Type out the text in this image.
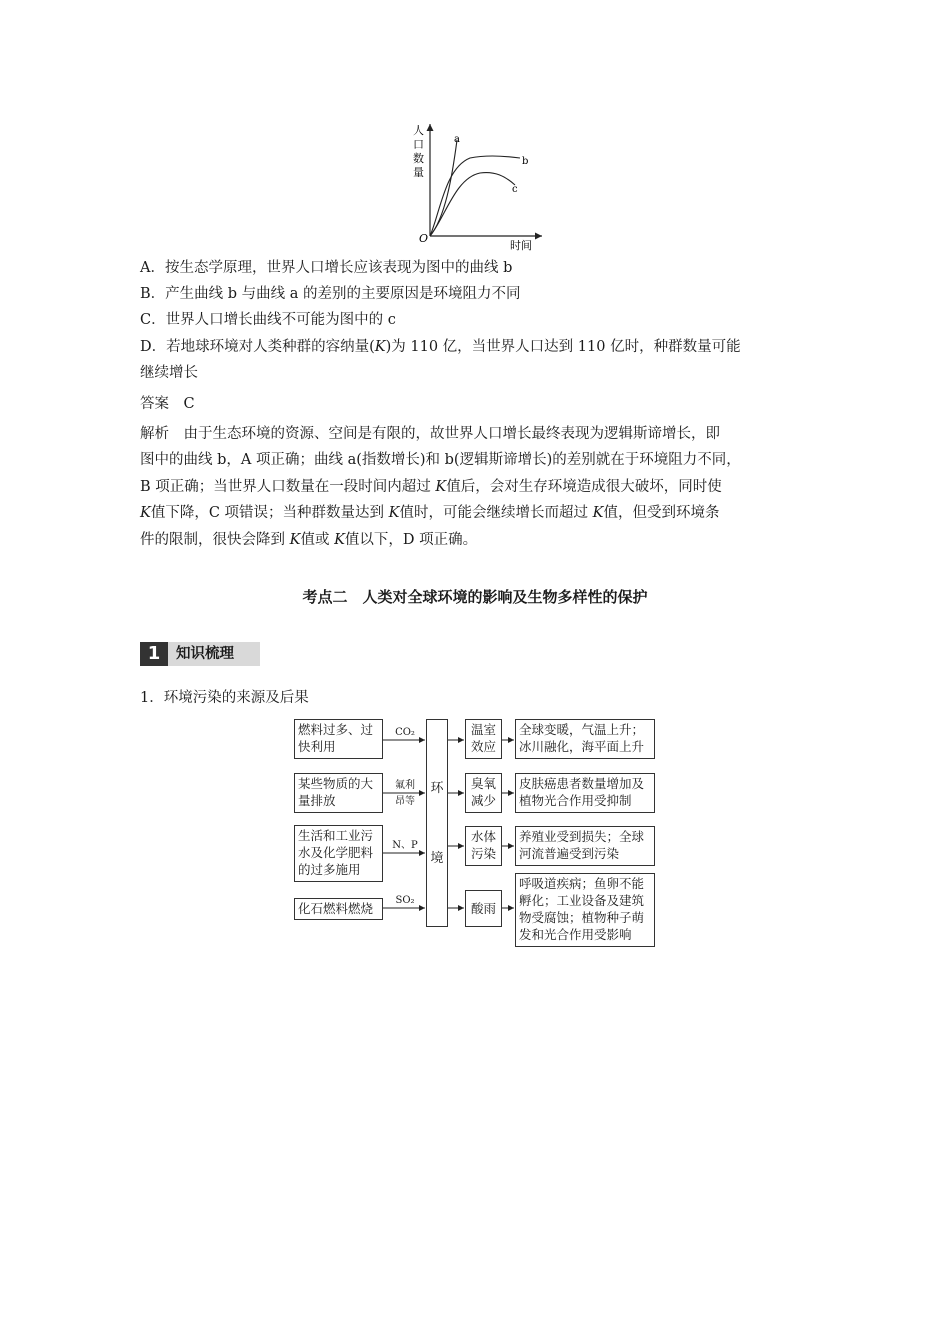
人
口
数
量
a
b
c
O
时间
A．按生态学原理，世界人口增长应该表现为图中的曲线 b
B．产生曲线 b 与曲线 a 的差别的主要原因是环境阻力不同
C．世界人口增长曲线不可能为图中的 c
D．若地球环境对人类种群的容纳量(K)为 110 亿，当世界人口达到 110 亿时，种群数量可能
继续增长
答案　C
解析　由于生态环境的资源、空间是有限的，故世界人口增长最终表现为逻辑斯谛增长，即
图中的曲线 b，A 项正确；曲线 a(指数增长)和 b(逻辑斯谛增长)的差别就在于环境阻力不同，
B 项正确；当世界人口数量在一段时间内超过 K值后，会对生存环境造成很大破坏，同时使
K值下降，C 项错误；当种群数量达到 K值时，可能会继续增长而超过 K值，但受到环境条
件的限制，很快会降到 K值或 K值以下，D 项正确。
考点二　人类对全球环境的影响及生物多样性的保护
1	知识梳理
1．环境污染的来源及后果
燃料过多、过
快利用
某些物质的大
量排放
生活和工业污
水及化学肥料
的过多施用
化石燃料燃烧
CO₂
氟利
昂等
N、P
SO₂
环
境
温室
效应
臭氧
减少
水体
污染
酸雨
全球变暖，气温上升；
冰川融化，海平面上升
皮肤癌患者数量增加及
植物光合作用受抑制
养殖业受到损失；全球
河流普遍受到污染
呼吸道疾病；鱼卵不能
孵化；工业设备及建筑
物受腐蚀；植物种子萌
发和光合作用受影响
